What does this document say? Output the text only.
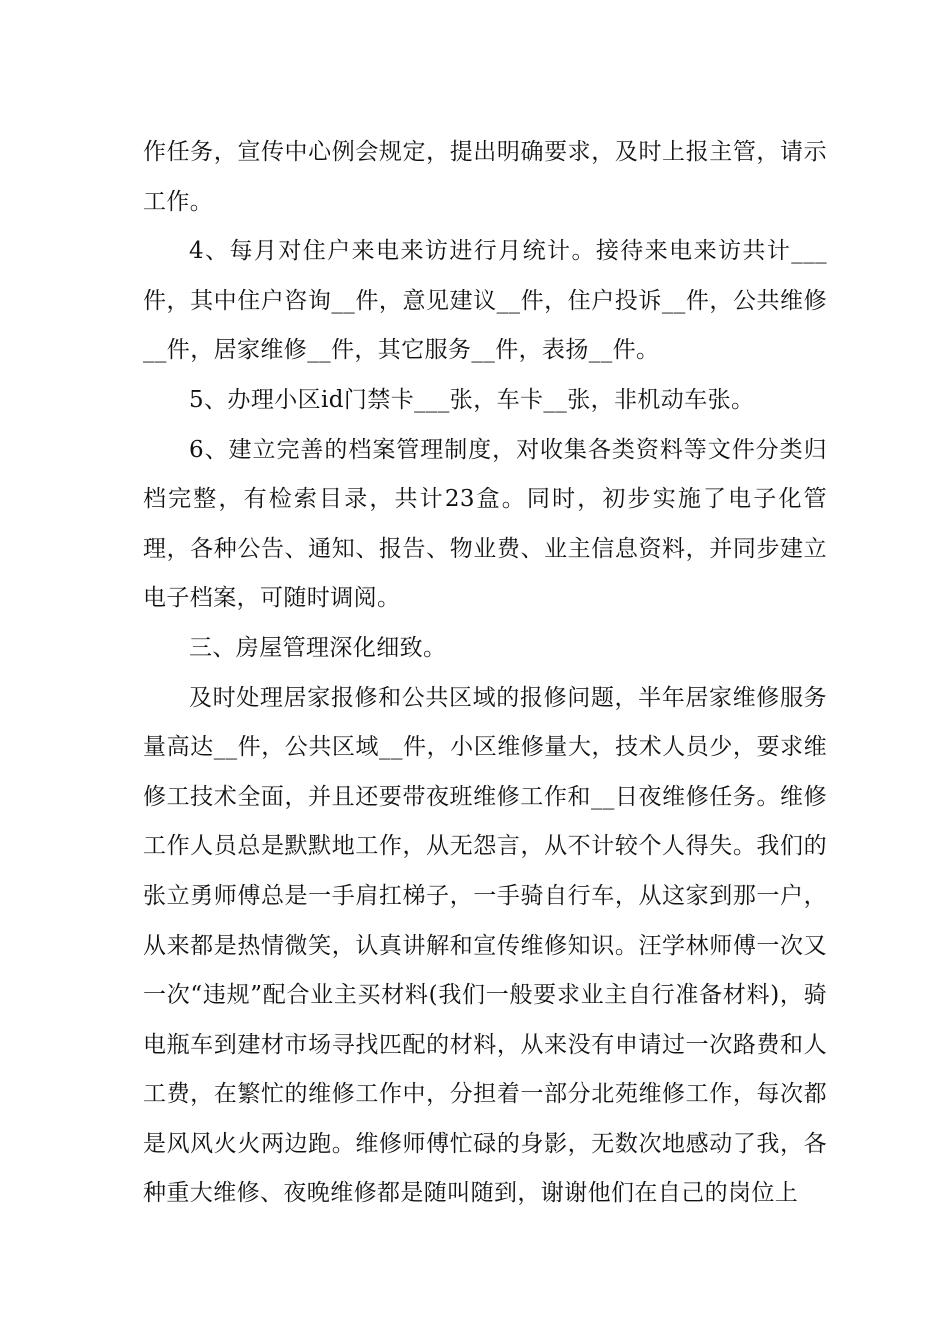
作任务，宣传中心例会规定，提出明确要求，及时上报主管，请示工作。

4、每月对住户来电来访进行月统计。接待来电来访共计___件，其中住户咨询__件，意见建议__件，住户投诉__件，公共维修__件，居家维修__件，其它服务__件，表扬__件。

5、办理小区id门禁卡___张，车卡__张，非机动车张。

6、建立完善的档案管理制度，对收集各类资料等文件分类归档完整，有检索目录，共计23盒。同时，初步实施了电子化管理，各种公告、通知、报告、物业费、业主信息资料，并同步建立电子档案，可随时调阅。

三、房屋管理深化细致。

及时处理居家报修和公共区域的报修问题，半年居家维修服务量高达__件，公共区域__件，小区维修量大，技术人员少，要求维修工技术全面，并且还要带夜班维修工作和__日夜维修任务。维修工作人员总是默默地工作，从无怨言，从不计较个人得失。我们的张立勇师傅总是一手肩扛梯子，一手骑自行车，从这家到那一户，从来都是热情微笑，认真讲解和宣传维修知识。汪学林师傅一次又一次“违规”配合业主买材料(我们一般要求业主自行准备材料)，骑电瓶车到建材市场寻找匹配的材料，从来没有申请过一次路费和人工费，在繁忙的维修工作中，分担着一部分北苑维修工作，每次都是风风火火两边跑。维修师傅忙碌的身影，无数次地感动了我，各种重大维修、夜晚维修都是随叫随到，谢谢他们在自己的岗位上
